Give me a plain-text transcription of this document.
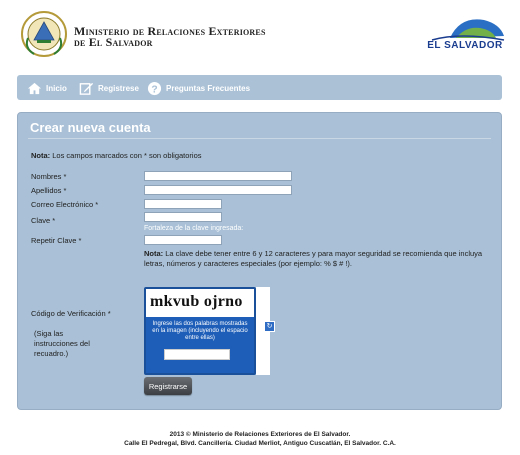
Ministerio de Relaciones Exteriores
de El Salvador	EL SALVADOR
Inicio	Registrese ? Preguntas Frecuentes
Crear nueva cuenta
Nota: Los campos marcados con * son obligatorios
Nombres *
Apellidos *
Correo Electrónico *
Clave *
Fortaleza de la clave ingresada:
Repetir Clave *
Nota: La clave debe tener entre 6 y 12 caracteres y para mayor seguridad se recomienda que incluya letras, números y caracteres especiales (por ejemplo: % $ # !).
Código de Verificación *
(Siga las instrucciones del recuadro.)
mkvub ojrno
Ingrese las dos palabras mostradas en la imagen (incluyendo el espacio entre ellas)
↻
Registrarse
2013 © Ministerio de Relaciones Exteriores de El Salvador.
Calle El Pedregal, Blvd. Cancillería. Ciudad Merliot, Antiguo Cuscatlán, El Salvador. C.A.
